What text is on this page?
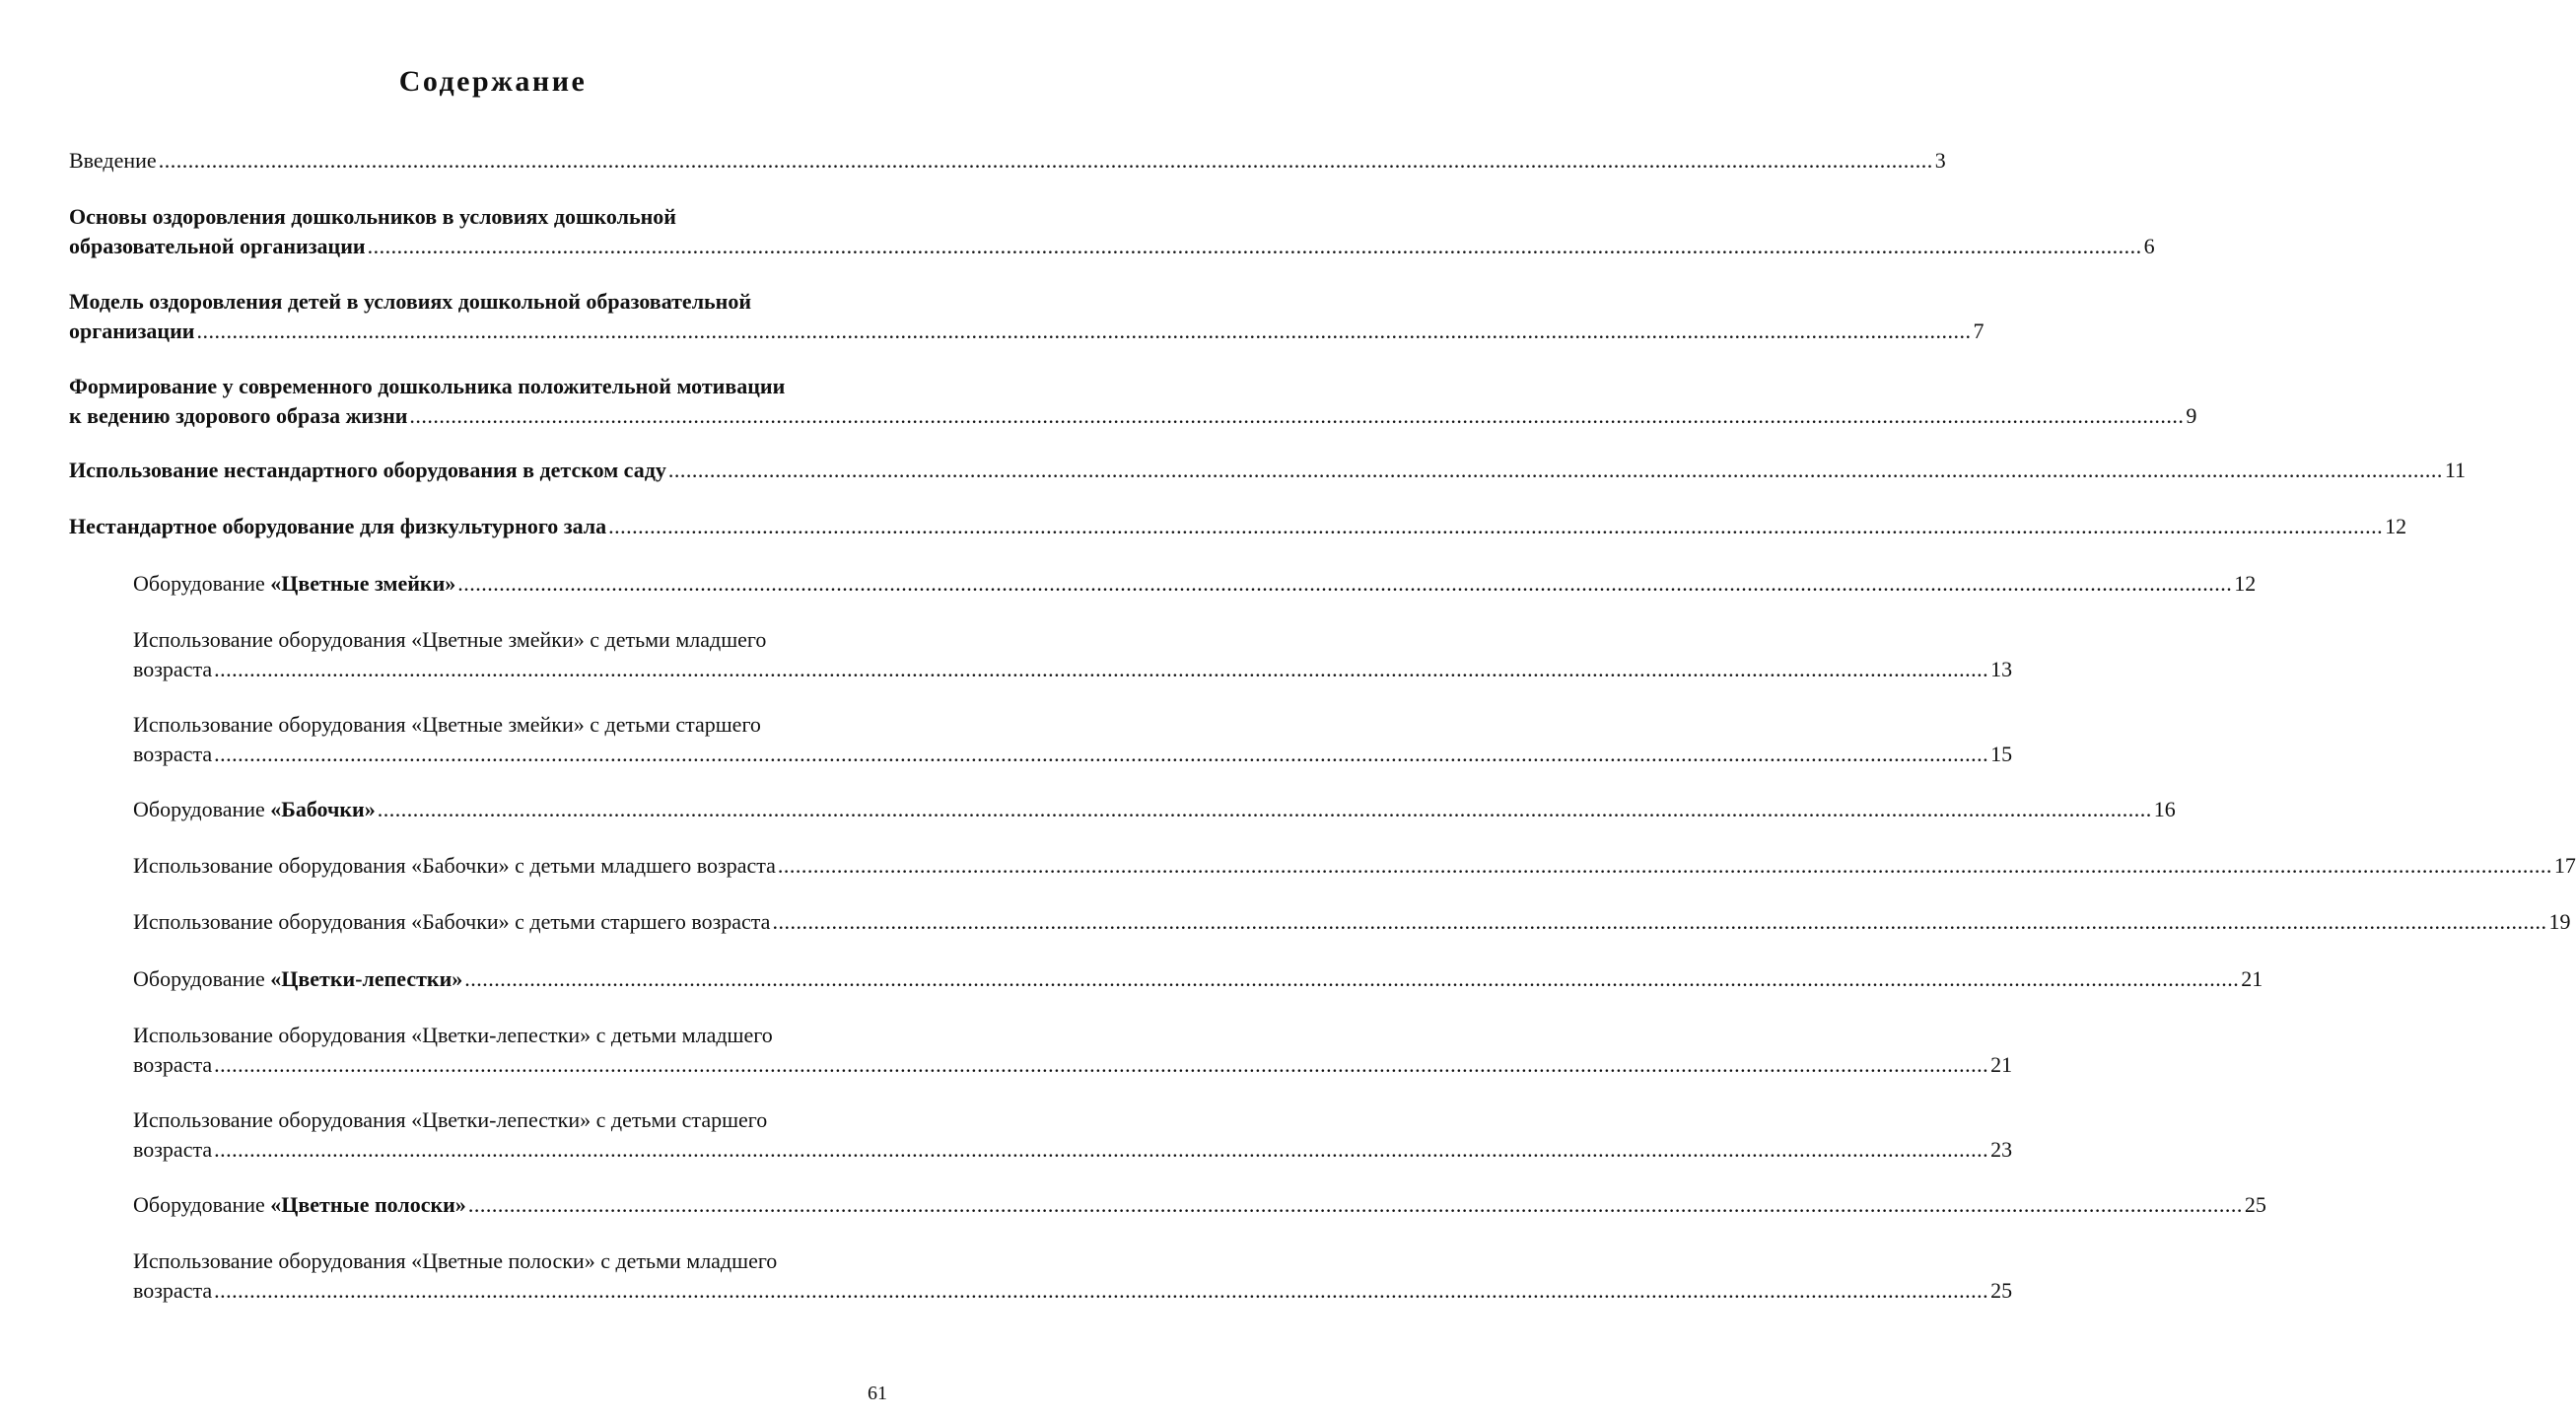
Содержание
Введение ............................................................................................................................................................................................................................................................................................................ 3
Основы оздоровления дошкольников в условиях дошкольной
образовательной организации ............................................................................................................................................................................................................................................................................................................ 6
Модель оздоровления детей в условиях дошкольной образовательной
организации ............................................................................................................................................................................................................................................................................................................ 7
Формирование у современного дошкольника положительной мотивации
к ведению здорового образа жизни ............................................................................................................................................................................................................................................................................................................ 9
Использование нестандартного оборудования в детском саду ............................................................................................................................................................................................................................................................................................................ 11
Нестандартное оборудование для физкультурного зала ............................................................................................................................................................................................................................................................................................................ 12
Оборудование «Цветные змейки» ............................................................................................................................................................................................................................................................................................................ 12
Использование оборудования «Цветные змейки» с детьми младшего
возраста ............................................................................................................................................................................................................................................................................................................ 13
Использование оборудования «Цветные змейки» с детьми старшего
возраста ............................................................................................................................................................................................................................................................................................................ 15
Оборудование «Бабочки» ............................................................................................................................................................................................................................................................................................................ 16
Использование оборудования «Бабочки» с детьми младшего возраста ............................................................................................................................................................................................................................................................................................................ 17
Использование оборудования «Бабочки» с детьми старшего возраста ............................................................................................................................................................................................................................................................................................................ 19
Оборудование «Цветки-лепестки» ............................................................................................................................................................................................................................................................................................................ 21
Использование оборудования «Цветки-лепестки» с детьми младшего
возраста ............................................................................................................................................................................................................................................................................................................ 21
Использование оборудования «Цветки-лепестки» с детьми старшего
возраста ............................................................................................................................................................................................................................................................................................................ 23
Оборудование «Цветные полоски» ............................................................................................................................................................................................................................................................................................................ 25
Использование оборудования «Цветные полоски» с детьми младшего
возраста ............................................................................................................................................................................................................................................................................................................ 25
61
